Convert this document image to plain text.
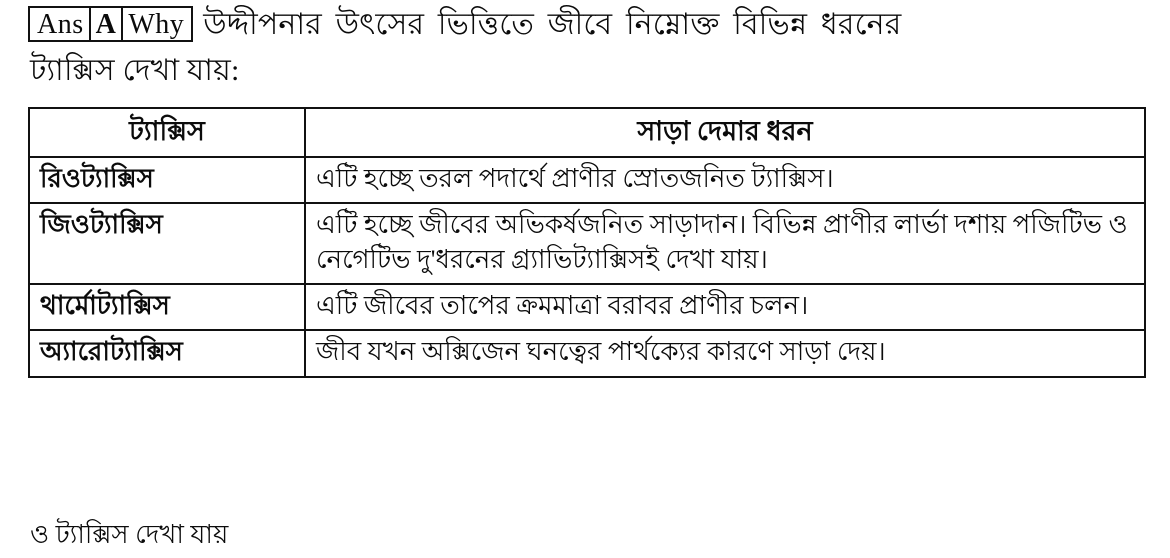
Ans A Why উদ্দীপনার উৎসের ভিত্তিতে জীবে নিম্নোক্ত বিভিন্ন ধরনের
ট্যাক্সিস দেখা যায়:
ট্যাক্সিস	সাড়া দেমার ধরন
রিওট্যাক্সিস	এটি হচ্ছে তরল পদার্থে প্রাণীর স্রোতজনিত ট্যাক্সিস।
জিওট্যাক্সিস	এটি হচ্ছে জীবের অভিকর্ষজনিত সাড়াদান। বিভিন্ন প্রাণীর লার্ভা দশায় পজিটিভ ও নেগেটিভ দু'ধরনের গ্র্যাভিট্যাক্সিসই দেখা যায়।
থার্মোট্যাক্সিস	এটি জীবের তাপের ক্রমমাত্রা বরাবর প্রাণীর চলন।
অ্যারোট্যাক্সিস	জীব যখন অক্সিজেন ঘনত্বের পার্থক্যের কারণে সাড়া দেয়।
ও ট্যাক্সিস দেখা যায়
